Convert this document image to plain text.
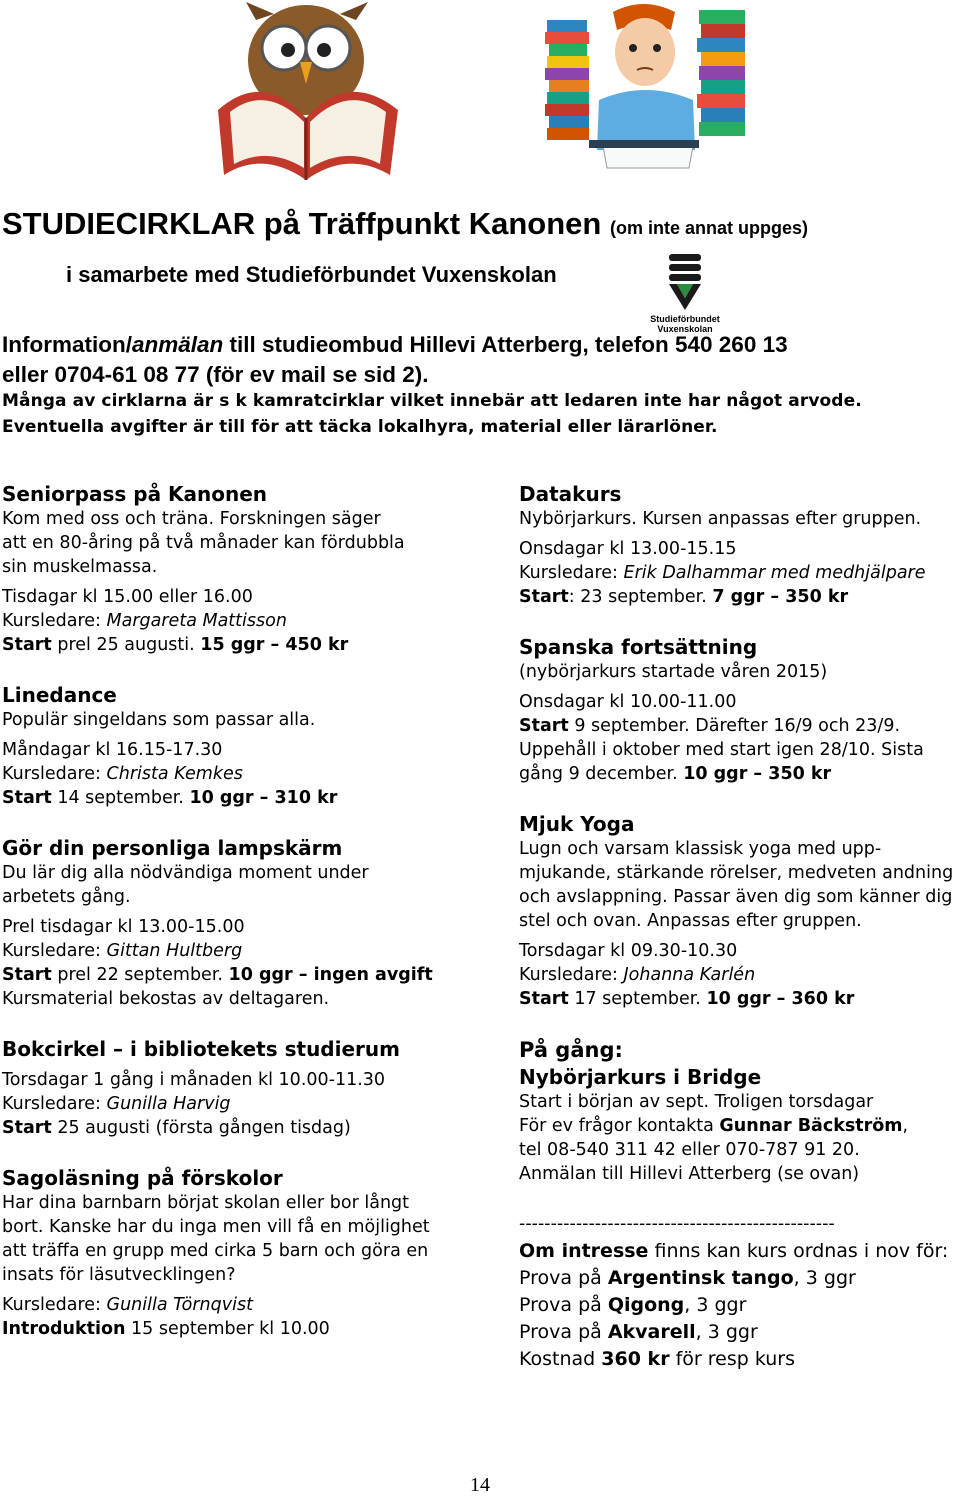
STUDIECIRKLAR på Träffpunkt Kanonen (om inte annat uppges)
i samarbete med Studieförbundet Vuxenskolan
Studieförbundet
Vuxenskolan
Information/anmälan till studieombud Hillevi Atterberg, telefon 540 260 13
eller 0704-61 08 77 (för ev mail se sid 2).
Många av cirklarna är s k kamratcirklar vilket innebär att ledaren inte har något arvode.
Eventuella avgifter är till för att täcka lokalhyra, material eller lärarlöner.

Seniorpass på Kanonen

Kom med oss och träna. Forskningen säger

att en 80-åring på två månader kan fördubbla

sin muskelmassa.

Tisdagar kl 15.00 eller 16.00

Kursledare: Margareta Mattisson

Start prel 25 augusti. 15 ggr – 450 kr

Linedance

Populär singeldans som passar alla.

Måndagar kl 16.15-17.30

Kursledare: Christa Kemkes

Start 14 september. 10 ggr – 310 kr

Gör din personliga lampskärm

Du lär dig alla nödvändiga moment under

arbetets gång.

Prel tisdagar kl 13.00-15.00

Kursledare: Gittan Hultberg

Start prel 22 september. 10 ggr – ingen avgift

Kursmaterial bekostas av deltagaren.

Bokcirkel – i bibliotekets studierum

Torsdagar 1 gång i månaden kl 10.00-11.30

Kursledare: Gunilla Harvig

Start 25 augusti (första gången tisdag)

Sagoläsning på förskolor

Har dina barnbarn börjat skolan eller bor långt

bort. Kanske har du inga men vill få en möjlighet

att träffa en grupp med cirka 5 barn och göra en

insats för läsutvecklingen?

Kursledare: Gunilla Törnqvist

Introduktion 15 september kl 10.00

Datakurs

Nybörjarkurs. Kursen anpassas efter gruppen.

Onsdagar kl 13.00-15.15

Kursledare: Erik Dalhammar med medhjälpare

Start: 23 september. 7 ggr – 350 kr

Spanska fortsättning

(nybörjarkurs startade våren 2015)

Onsdagar kl 10.00-11.00

Start 9 september. Därefter 16/9 och 23/9.

Uppehåll i oktober med start igen 28/10. Sista

gång 9 december. 10 ggr – 350 kr

Mjuk Yoga

Lugn och varsam klassisk yoga med upp-

mjukande, stärkande rörelser, medveten andning

och avslappning. Passar även dig som känner dig

stel och ovan. Anpassas efter gruppen.

Torsdagar kl 09.30-10.30

Kursledare: Johanna Karlén

Start 17 september. 10 ggr – 360 kr

På gång:

Nybörjarkurs i Bridge

Start i början av sept. Troligen torsdagar

För ev frågor kontakta Gunnar Bäckström,

tel 08-540 311 42 eller 070-787 91 20.

Anmälan till Hillevi Atterberg (se ovan)

--------------------------------------------------

Om intresse finns kan kurs ordnas i nov för:

Prova på Argentinsk tango, 3 ggr

Prova på Qigong, 3 ggr

Prova på Akvarell, 3 ggr

Kostnad 360 kr för resp kurs

14
